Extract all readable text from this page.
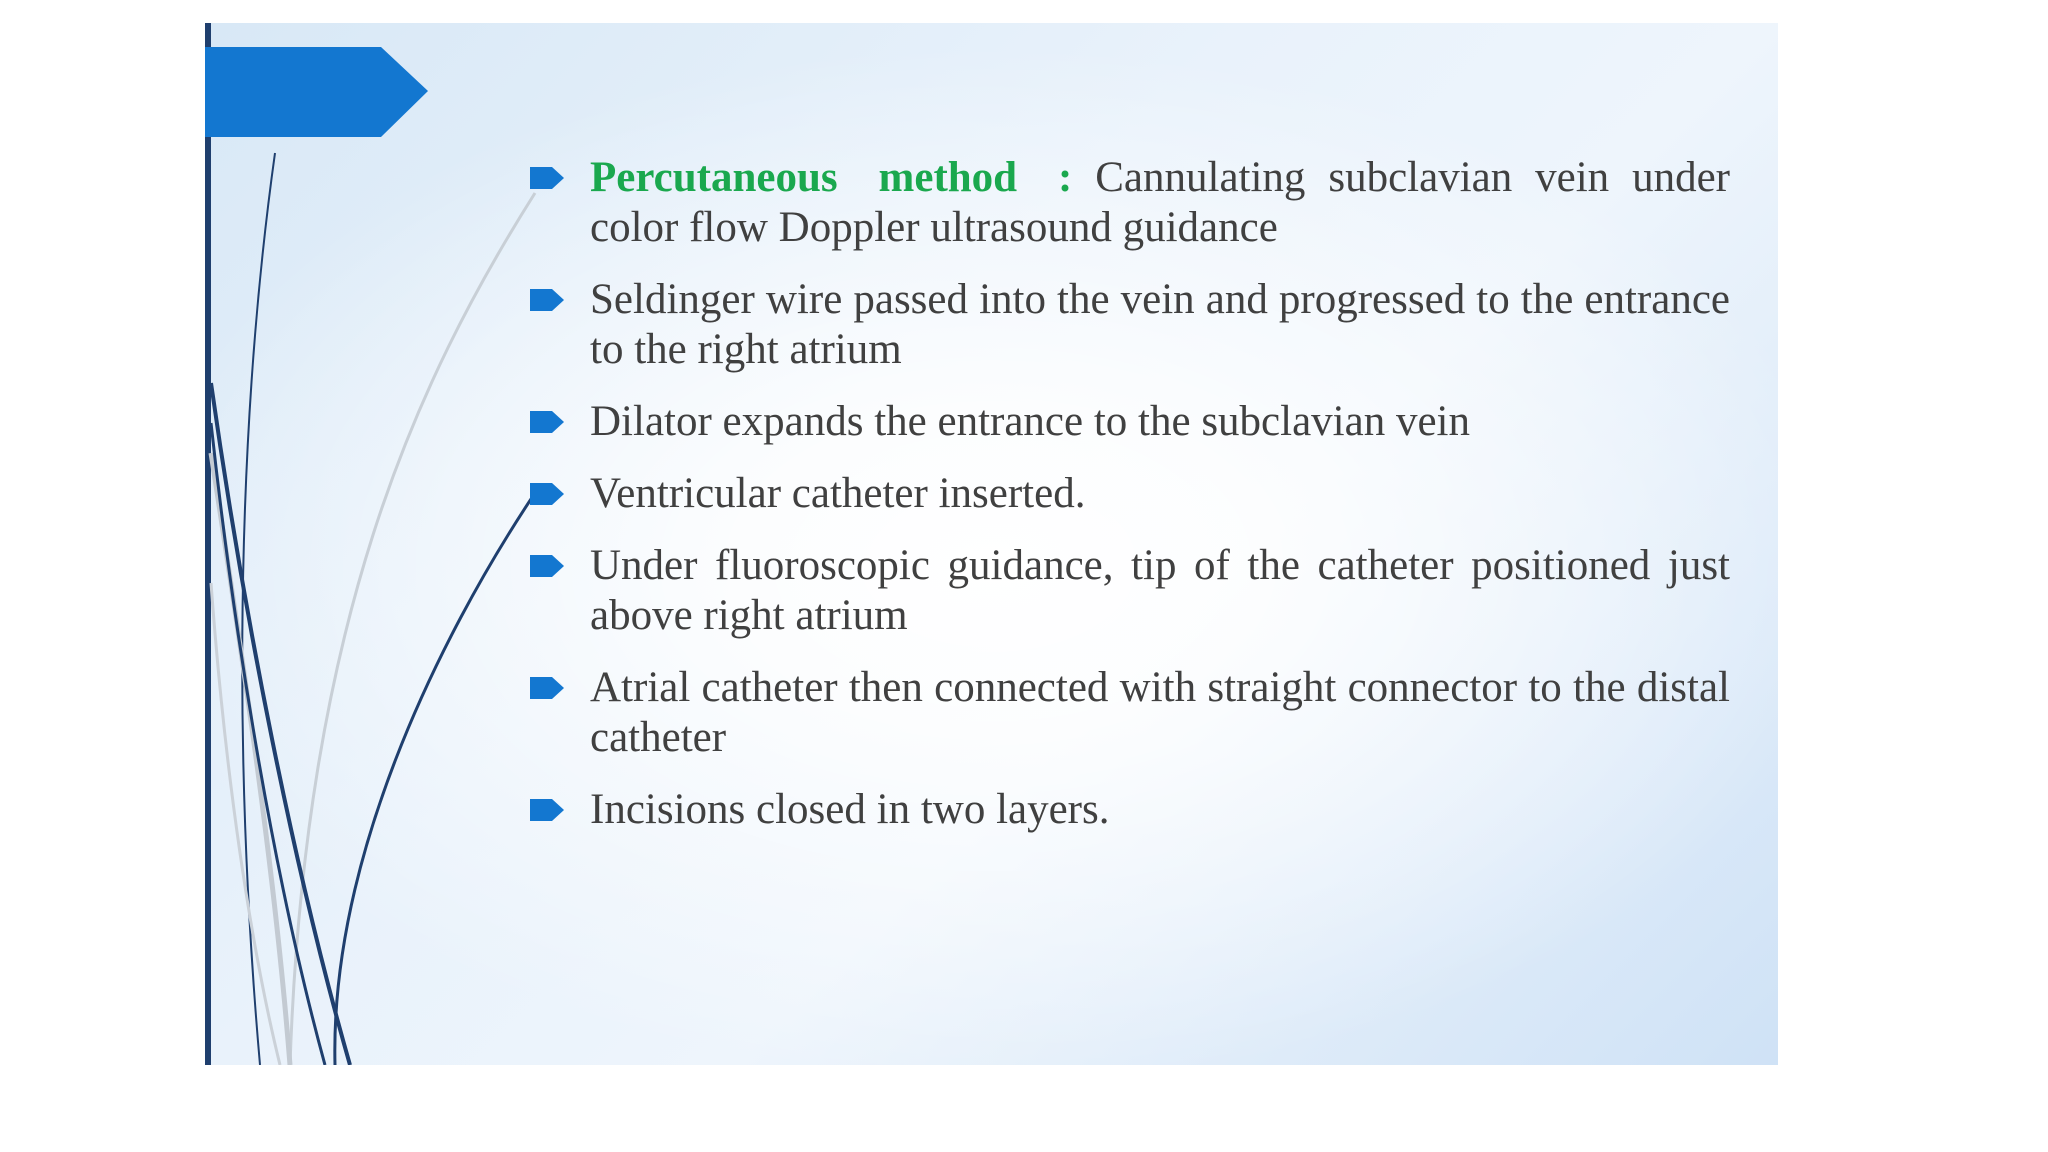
Percutaneous method : Cannulating subclavian vein under color flow Doppler ultrasound guidance
Seldinger wire passed into the vein and progressed to the entrance to the right atrium
Dilator expands the entrance to the subclavian vein
Ventricular catheter inserted.
Under fluoroscopic guidance, tip of the catheter positioned just above right atrium
Atrial catheter then connected with straight connector to the distal catheter
Incisions closed in two layers.
